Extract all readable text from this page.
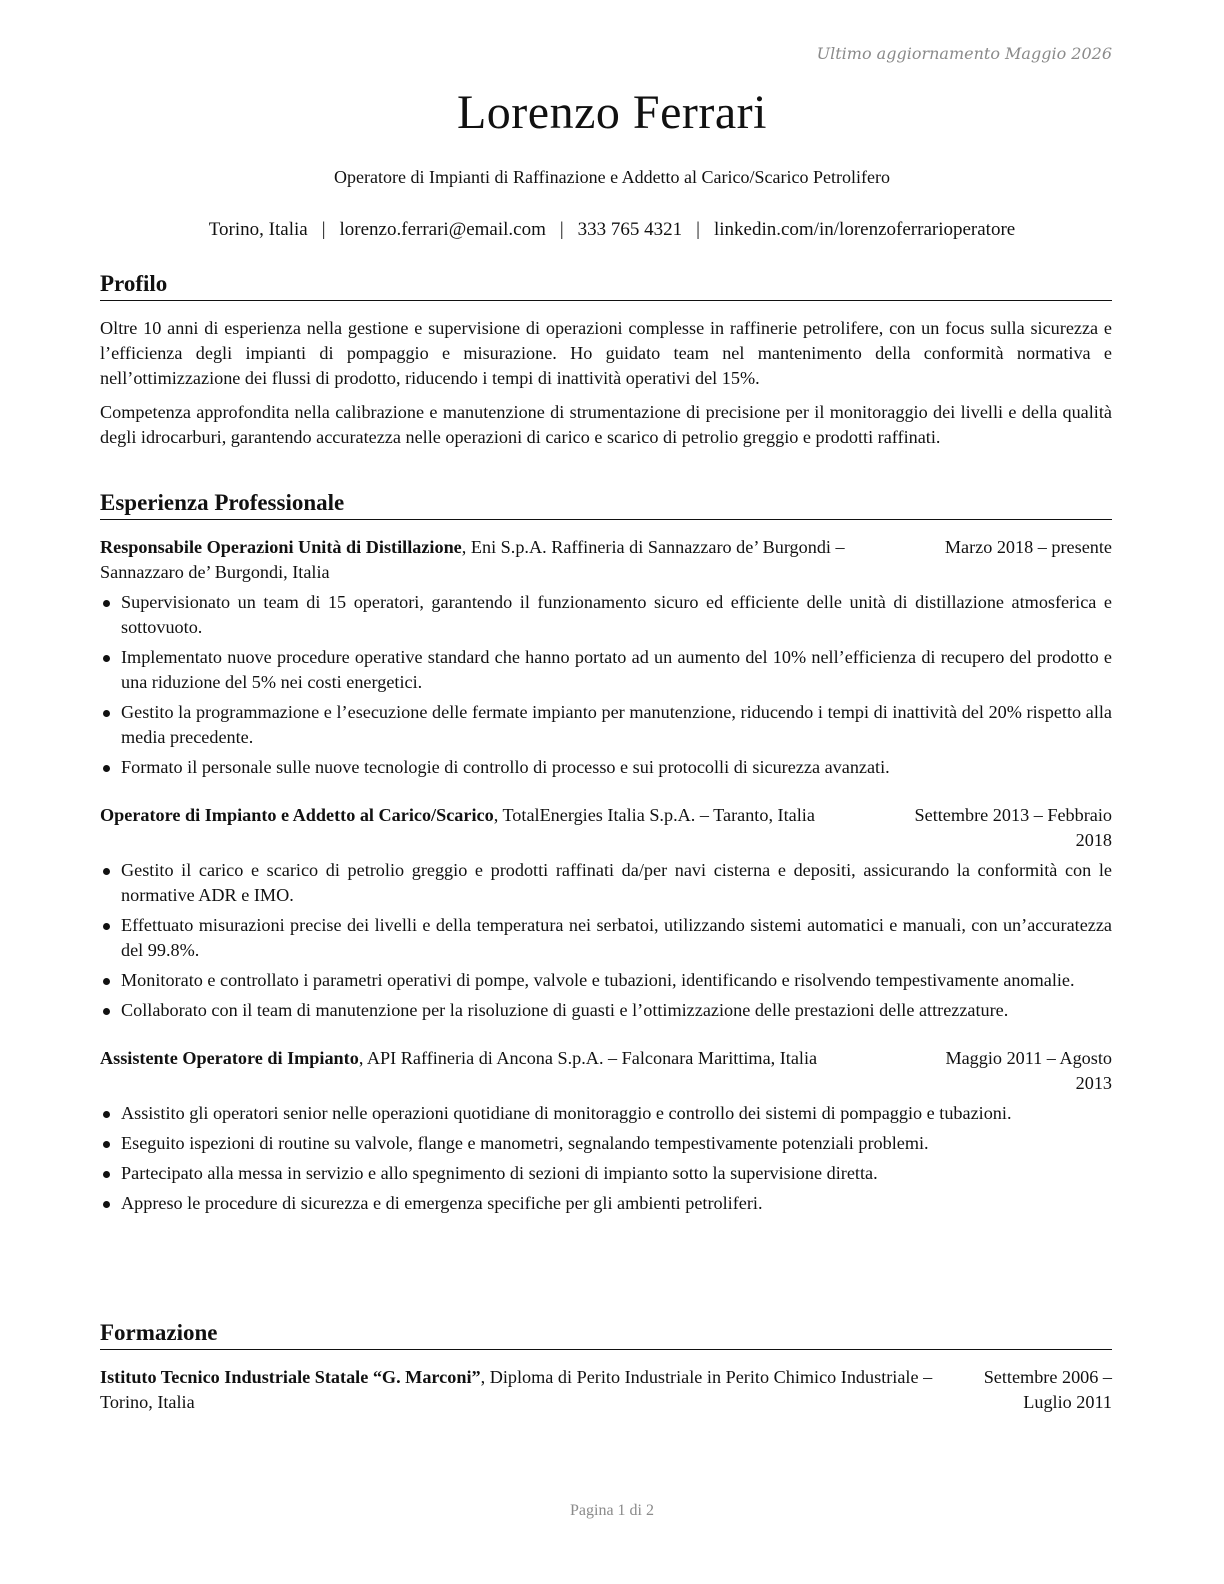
Ultimo aggiornamento Maggio 2026
Lorenzo Ferrari
Operatore di Impianti di Raffinazione e Addetto al Carico/Scarico Petrolifero
Torino, Italia | lorenzo.ferrari@email.com | 333 765 4321 | linkedin.com/in/lorenzoferrarioperatore
Profilo

Oltre 10 anni di esperienza nella gestione e supervisione di operazioni complesse in raffinerie petrolifere, con un focus sulla sicurezza e l’efficienza degli impianti di pompaggio e misurazione. Ho guidato team nel mantenimento della conformità normativa e nell’ottimizzazione dei flussi di prodotto, riducendo i tempi di inattività operativi del 15%.

Competenza approfondita nella calibrazione e manutenzione di strumentazione di precisione per il monitoraggio dei livelli e della qualità degli idrocarburi, garantendo accuratezza nelle operazioni di carico e scarico di petrolio greggio e prodotti raffinati.

Esperienza Professionale
Responsabile Operazioni Unità di Distillazione, Eni S.p.A. Raffineria di Sannazzaro de’ Burgondi – Sannazzaro de’ Burgondi, Italia
Marzo 2018 – presente
Supervisionato un team di 15 operatori, garantendo il funzionamento sicuro ed efficiente delle unità di distillazione atmosferica e sottovuoto.
Implementato nuove procedure operative standard che hanno portato ad un aumento del 10% nell’efficienza di recupero del prodotto e una riduzione del 5% nei costi energetici.
Gestito la programmazione e l’esecuzione delle fermate impianto per manutenzione, riducendo i tempi di inattività del 20% rispetto alla media precedente.
Formato il personale sulle nuove tecnologie di controllo di processo e sui protocolli di sicurezza avanzati.
Operatore di Impianto e Addetto al Carico/Scarico, TotalEnergies Italia S.p.A. – Taranto, Italia	Settembre 2013 – Febbraio 2018
Gestito il carico e scarico di petrolio greggio e prodotti raffinati da/per navi cisterna e depositi, assicurando la conformità con le normative ADR e IMO.
Effettuato misurazioni precise dei livelli e della temperatura nei serbatoi, utilizzando sistemi automatici e manuali, con un’accuratezza del 99.8%.
Monitorato e controllato i parametri operativi di pompe, valvole e tubazioni, identificando e risolvendo tempestivamente anomalie.
Collaborato con il team di manutenzione per la risoluzione di guasti e l’ottimizzazione delle prestazioni delle attrezzature.
Assistente Operatore di Impianto, API Raffineria di Ancona S.p.A. – Falconara Marittima, Italia	Maggio 2011 – Agosto 2013
Assistito gli operatori senior nelle operazioni quotidiane di monitoraggio e controllo dei sistemi di pompaggio e tubazioni.
Eseguito ispezioni di routine su valvole, flange e manometri, segnalando tempestivamente potenziali problemi.
Partecipato alla messa in servizio e allo spegnimento di sezioni di impianto sotto la supervisione diretta.
Appreso le procedure di sicurezza e di emergenza specifiche per gli ambienti petroliferi.
Formazione
Istituto Tecnico Industriale Statale “G. Marconi”, Diploma di Perito Industriale in Perito Chimico Industriale – Torino, Italia
Settembre 2006 – Luglio 2011
Pagina 1 di 2
